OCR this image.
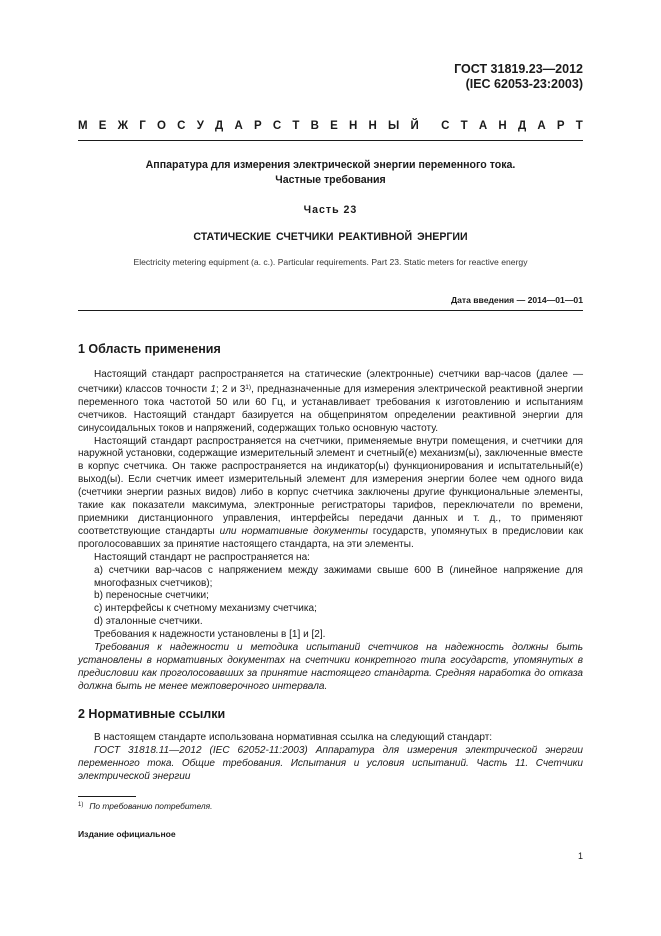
ГОСТ 31819.23—2012
(IEC 62053-23:2003)
М Е Ж Г О С У Д А Р С Т В Е Н Н Ы Й С Т А Н Д А Р Т
Аппаратура для измерения электрической энергии переменного тока.
Частные требования
Часть 23
СТАТИЧЕСКИЕ СЧЕТЧИКИ РЕАКТИВНОЙ ЭНЕРГИИ
Electricity metering equipment (a. c.). Particular requirements. Part 23. Static meters for reactive energy
Дата введения — 2014—01—01
1 Область применения

Настоящий стандарт распространяется на статические (электронные) счетчики вар-часов (далее — счетчики) классов точности 1; 2 и 3$^{1)}$, предназначенные для измерения электрической реактивной энергии переменного тока частотой 50 или 60 Гц, и устанавливает требования к изготовлению и испытаниям счетчиков. Настоящий стандарт базируется на общепринятом определении реактивной энергии для синусоидальных токов и напряжений, содержащих только основную частоту.

Настоящий стандарт распространяется на счетчики, применяемые внутри помещения, и счетчики для наружной установки, содержащие измерительный элемент и счетный(е) механизм(ы), заключенные вместе в корпус счетчика. Он также распространяется на индикатор(ы) функционирования и испытательный(е) выход(ы). Если счетчик имеет измерительный элемент для измерения энергии более чем одного вида (счетчики энергии разных видов) либо в корпус счетчика заключены другие функциональные элементы, такие как показатели максимума, электронные регистраторы тарифов, переключатели по времени, приемники дистанционного управления, интерфейсы передачи данных и т. д., то применяют соответствующие стандарты или нормативные документы государств, упомянутых в предисловии как проголосовавших за принятие настоящего стандарта, на эти элементы.

Настоящий стандарт не распространяется на:

a) счетчики вар-часов с напряжением между зажимами свыше 600 В (линейное напряжение для многофазных счетчиков);

b) переносные счетчики;

c) интерфейсы к счетному механизму счетчика;

d) эталонные счетчики.

Требования к надежности установлены в [1] и [2].

Требования к надежности и методика испытаний счетчиков на надежность должны быть установлены в нормативных документах на счетчики конкретного типа государств, упомянутых в предисловии как проголосовавших за принятие настоящего стандарта. Средняя наработка до отказа должна быть не менее межповерочного интервала.

2 Нормативные ссылки

В настоящем стандарте использована нормативная ссылка на следующий стандарт:

ГОСТ 31818.11—2012 (IEC 62052-11:2003) Аппаратура для измерения электрической энергии переменного тока. Общие требования. Испытания и условия испытаний. Часть 11. Счетчики электрической энергии

$^{1)}$ По требованию потребителя.
Издание официальное
1
